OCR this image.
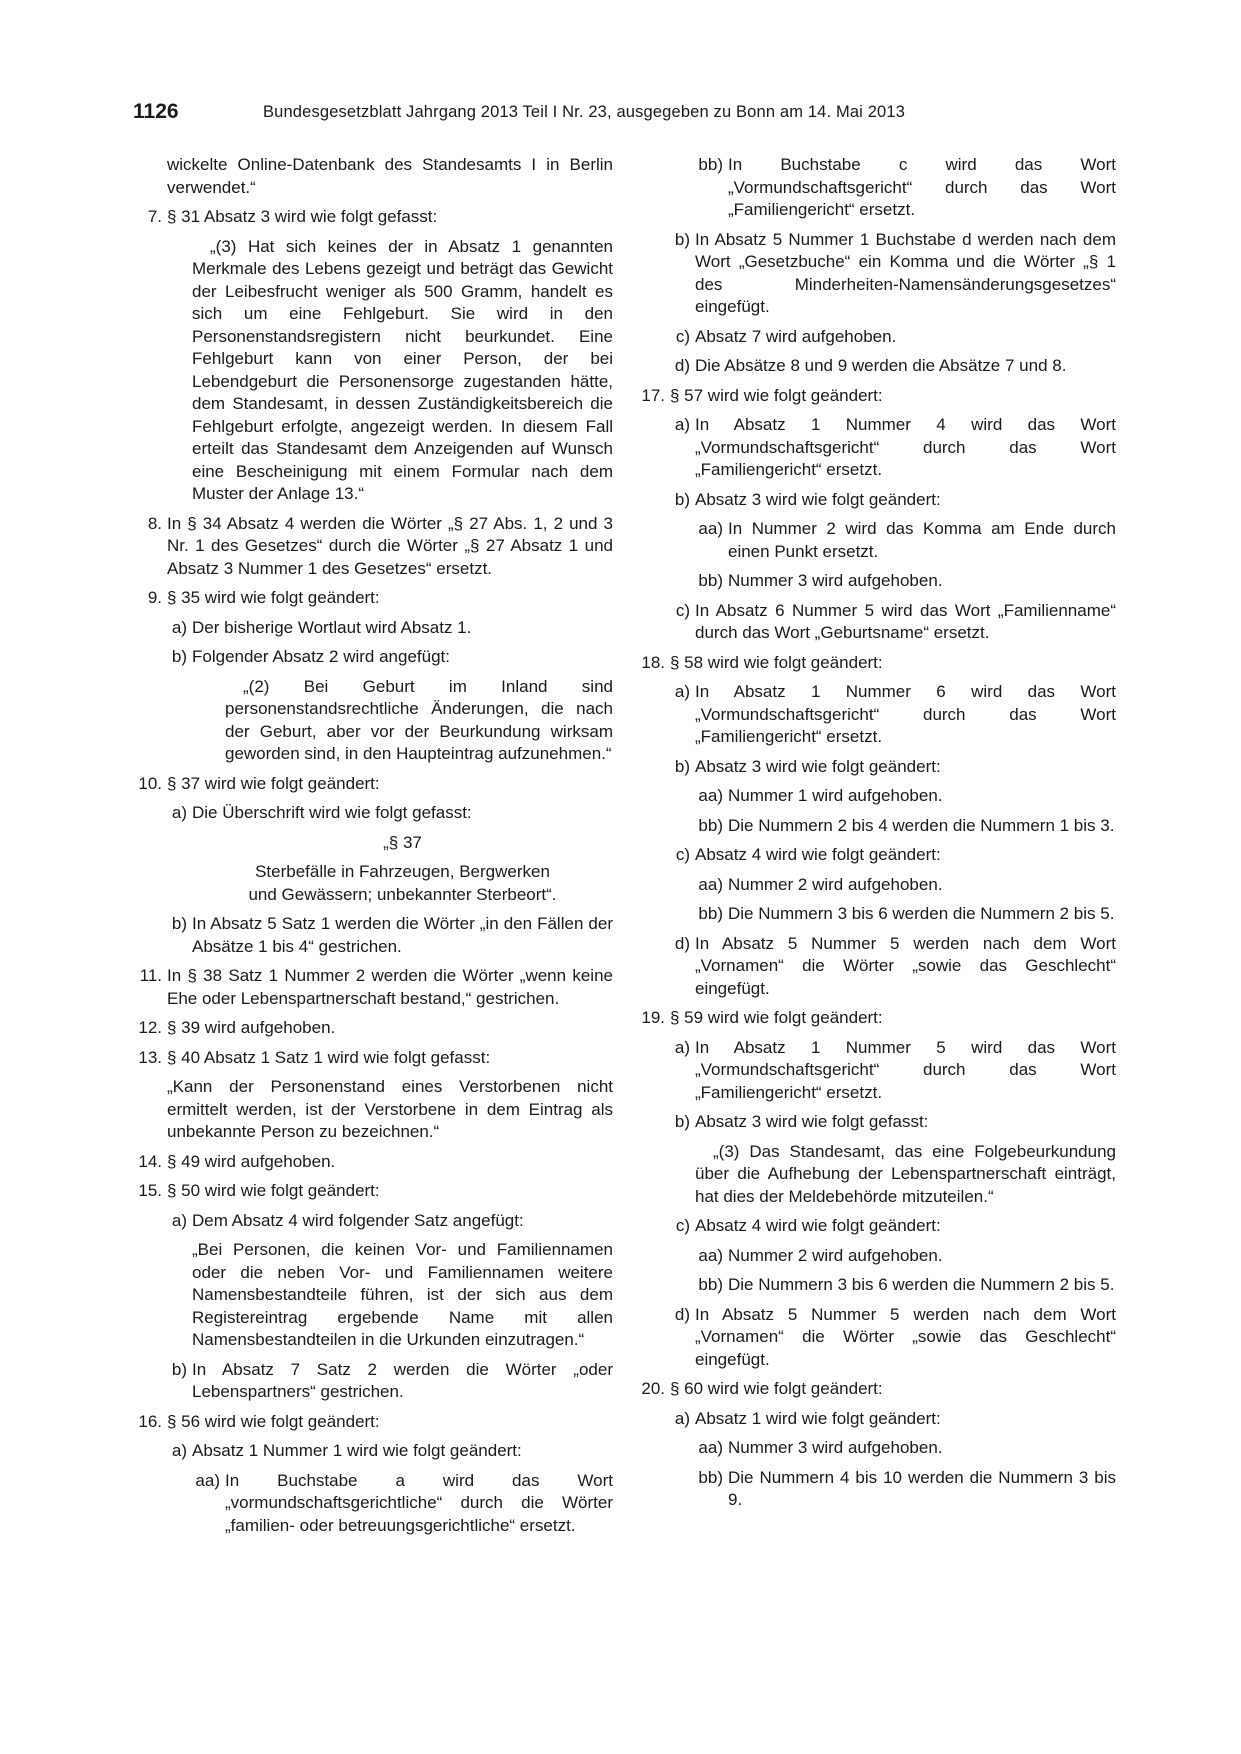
1126	Bundesgesetzblatt Jahrgang 2013 Teil I Nr. 23, ausgegeben zu Bonn am 14. Mai 2013
wickelte Online-Datenbank des Standesamts I in Berlin verwendet.“
7. § 31 Absatz 3 wird wie folgt gefasst:
„(3) Hat sich keines der in Absatz 1 genannten Merkmale des Lebens gezeigt und beträgt das Gewicht der Leibesfrucht weniger als 500 Gramm, handelt es sich um eine Fehlgeburt. Sie wird in den Personenstandsregistern nicht beurkundet. Eine Fehlgeburt kann von einer Person, der bei Lebendgeburt die Personensorge zugestanden hätte, dem Standesamt, in dessen Zuständigkeitsbereich die Fehlgeburt erfolgte, angezeigt werden. In diesem Fall erteilt das Standesamt dem Anzeigenden auf Wunsch eine Bescheinigung mit einem Formular nach dem Muster der Anlage 13.“
8. In § 34 Absatz 4 werden die Wörter „§ 27 Abs. 1, 2 und 3 Nr. 1 des Gesetzes“ durch die Wörter „§ 27 Absatz 1 und Absatz 3 Nummer 1 des Gesetzes“ ersetzt.
9. § 35 wird wie folgt geändert:
a) Der bisherige Wortlaut wird Absatz 1.
b) Folgender Absatz 2 wird angefügt:
„(2) Bei Geburt im Inland sind personenstandsrechtliche Änderungen, die nach der Geburt, aber vor der Beurkundung wirksam geworden sind, in den Haupteintrag aufzunehmen.“
10. § 37 wird wie folgt geändert:
a) Die Überschrift wird wie folgt gefasst:
„§ 37
Sterbefälle in Fahrzeugen, Bergwerken
und Gewässern; unbekannter Sterbeort“.
b) In Absatz 5 Satz 1 werden die Wörter „in den Fällen der Absätze 1 bis 4“ gestrichen.
11. In § 38 Satz 1 Nummer 2 werden die Wörter „wenn keine Ehe oder Lebenspartnerschaft bestand,“ gestrichen.
12. § 39 wird aufgehoben.
13. § 40 Absatz 1 Satz 1 wird wie folgt gefasst:
„Kann der Personenstand eines Verstorbenen nicht ermittelt werden, ist der Verstorbene in dem Eintrag als unbekannte Person zu bezeichnen.“
14. § 49 wird aufgehoben.
15. § 50 wird wie folgt geändert:
a) Dem Absatz 4 wird folgender Satz angefügt:
„Bei Personen, die keinen Vor- und Familiennamen oder die neben Vor- und Familiennamen weitere Namensbestandteile führen, ist der sich aus dem Registereintrag ergebende Name mit allen Namensbestandteilen in die Urkunden einzutragen.“
b) In Absatz 7 Satz 2 werden die Wörter „oder Lebenspartners“ gestrichen.
16. § 56 wird wie folgt geändert:
a) Absatz 1 Nummer 1 wird wie folgt geändert:
aa) In Buchstabe a wird das Wort „vormundschaftsgerichtliche“ durch die Wörter „familien- oder betreuungsgerichtliche“ ersetzt.
bb) In Buchstabe c wird das Wort „Vormundschaftsgericht“ durch das Wort „Familiengericht“ ersetzt.
b) In Absatz 5 Nummer 1 Buchstabe d werden nach dem Wort „Gesetzbuche“ ein Komma und die Wörter „§ 1 des Minderheiten-Namensänderungsgesetzes“ eingefügt.
c) Absatz 7 wird aufgehoben.
d) Die Absätze 8 und 9 werden die Absätze 7 und 8.
17. § 57 wird wie folgt geändert:
a) In Absatz 1 Nummer 4 wird das Wort „Vormundschaftsgericht“ durch das Wort „Familiengericht“ ersetzt.
b) Absatz 3 wird wie folgt geändert:
aa) In Nummer 2 wird das Komma am Ende durch einen Punkt ersetzt.
bb) Nummer 3 wird aufgehoben.
c) In Absatz 6 Nummer 5 wird das Wort „Familienname“ durch das Wort „Geburtsname“ ersetzt.
18. § 58 wird wie folgt geändert:
a) In Absatz 1 Nummer 6 wird das Wort „Vormundschaftsgericht“ durch das Wort „Familiengericht“ ersetzt.
b) Absatz 3 wird wie folgt geändert:
aa) Nummer 1 wird aufgehoben.
bb) Die Nummern 2 bis 4 werden die Nummern 1 bis 3.
c) Absatz 4 wird wie folgt geändert:
aa) Nummer 2 wird aufgehoben.
bb) Die Nummern 3 bis 6 werden die Nummern 2 bis 5.
d) In Absatz 5 Nummer 5 werden nach dem Wort „Vornamen“ die Wörter „sowie das Geschlecht“ eingefügt.
19. § 59 wird wie folgt geändert:
a) In Absatz 1 Nummer 5 wird das Wort „Vormundschaftsgericht“ durch das Wort „Familiengericht“ ersetzt.
b) Absatz 3 wird wie folgt gefasst:
„(3) Das Standesamt, das eine Folgebeurkundung über die Aufhebung der Lebenspartnerschaft einträgt, hat dies der Meldebehörde mitzuteilen.“
c) Absatz 4 wird wie folgt geändert:
aa) Nummer 2 wird aufgehoben.
bb) Die Nummern 3 bis 6 werden die Nummern 2 bis 5.
d) In Absatz 5 Nummer 5 werden nach dem Wort „Vornamen“ die Wörter „sowie das Geschlecht“ eingefügt.
20. § 60 wird wie folgt geändert:
a) Absatz 1 wird wie folgt geändert:
aa) Nummer 3 wird aufgehoben.
bb) Die Nummern 4 bis 10 werden die Nummern 3 bis 9.
